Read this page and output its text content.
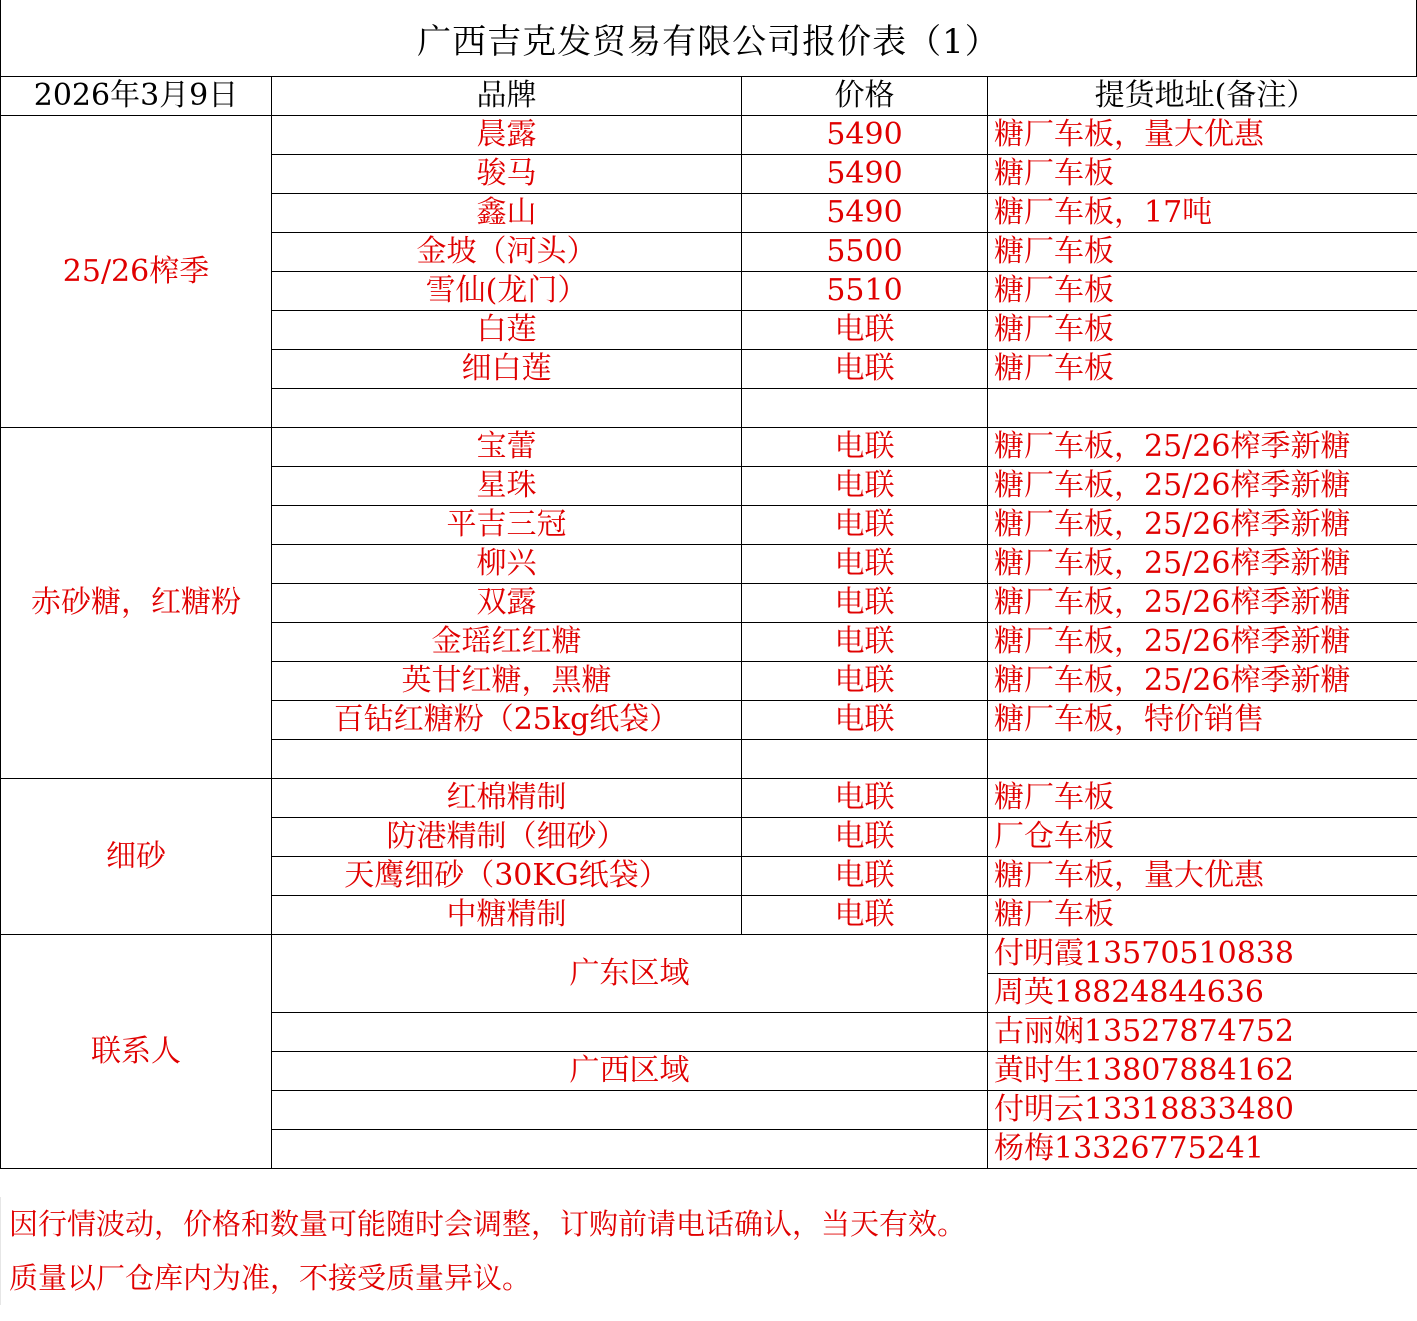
广西吉克发贸易有限公司报价表（1）
2026年3月9日	品牌	价格	提货地址(备注）
25/26榨季	晨露	5490	糖厂车板，量大优惠
	骏马	5490	糖厂车板
	鑫山	5490	糖厂车板，17吨
	金坡（河头）	5500	糖厂车板
	雪仙(龙门）	5510	糖厂车板
	白莲	电联	糖厂车板
	细白莲	电联	糖厂车板

赤砂糖，红糖粉	宝蕾	电联	糖厂车板，25/26榨季新糖
	星珠	电联	糖厂车板，25/26榨季新糖
	平吉三冠	电联	糖厂车板，25/26榨季新糖
	柳兴	电联	糖厂车板，25/26榨季新糖
	双露	电联	糖厂车板，25/26榨季新糖
	金瑶红红糖	电联	糖厂车板，25/26榨季新糖
	英甘红糖，黑糖	电联	糖厂车板，25/26榨季新糖
	百钻红糖粉（25kg纸袋）	电联	糖厂车板，特价销售

细砂	红棉精制	电联	糖厂车板
	防港精制（细砂）	电联	厂仓车板
	天鹰细砂（30KG纸袋）	电联	糖厂车板，量大优惠
	中糖精制	电联	糖厂车板
联系人	广东区域		付明霞13570510838
			周英18824844636
			古丽娴13527874752
	广西区域		黄时生13807884162
			付明云13318833480
			杨梅13326775241
因行情波动，价格和数量可能随时会调整，订购前请电话确认，当天有效。
质量以厂仓库内为准，不接受质量异议。
